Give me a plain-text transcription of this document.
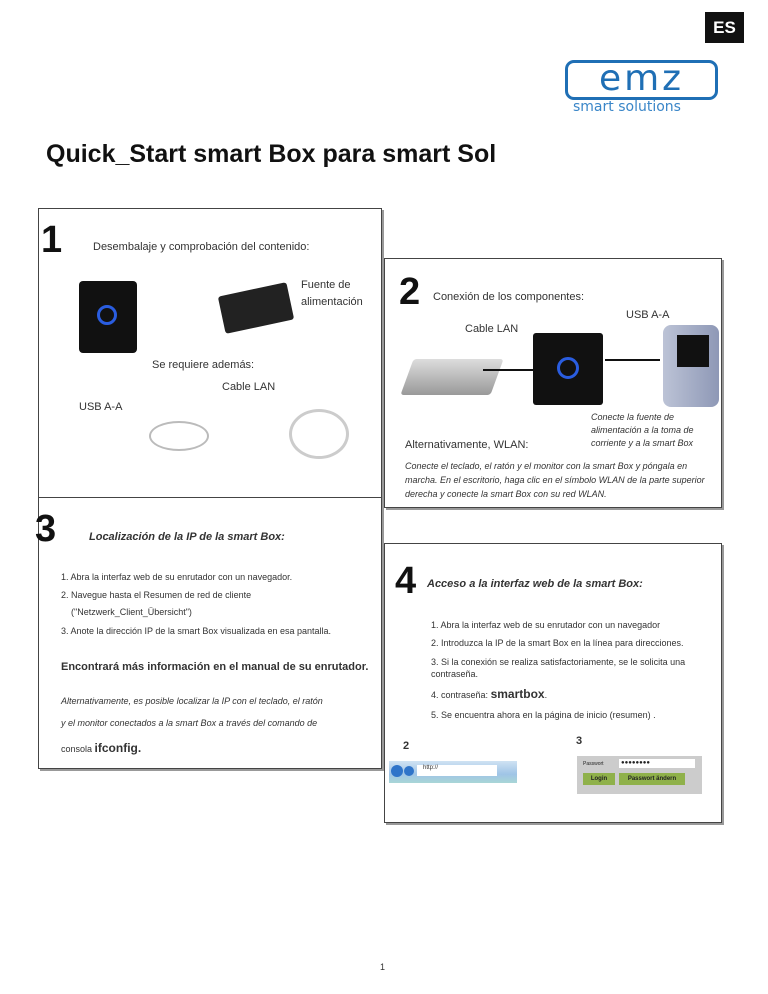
ES
emz
smart solutions
Quick_Start smart Box para smart Sol
1	Desembalaje y comprobación del contenido:
Fuente de alimentación
Se requiere además:
Cable LAN
USB A-A
2 Conexión de los componentes:
USB A-A
Cable LAN
Conecte la fuente de alimentación a la toma de corriente y a la smart Box
Alternativamente, WLAN:
Conecte el teclado, el ratón y el monitor con la smart Box y póngala en marcha. En el escritorio, haga clic en el símbolo WLAN de la parte superior derecha y conecte la smart Box con su red WLAN.
3	Localización de la IP de la smart Box:
1. Abra la interfaz web de su enrutador con un navegador.
2. Navegue hasta el Resumen de red de cliente
("Netzwerk_Client_Übersicht")
3. Anote la dirección IP de la smart Box visualizada en esa pantalla.
Encontrará más información en el manual de su enrutador.
Alternativamente, es posible localizar la IP con el teclado, el ratón
y el monitor conectados a la smart Box a través del comando de
consola ifconfig.
4 Acceso a la interfaz web de la smart Box:
1. Abra la interfaz web de su enrutador con un navegador
2. Introduzca la IP de la smart Box en la línea para direcciones.
3. Si la conexión se realiza satisfactoriamente, se le solicita una contraseña.
4. contraseña: smartbox.
5. Se encuentra ahora en la página de inicio (resumen) .
2	3
http://
Passwort	●●●●●●●●
Login	Passwort ändern
1
